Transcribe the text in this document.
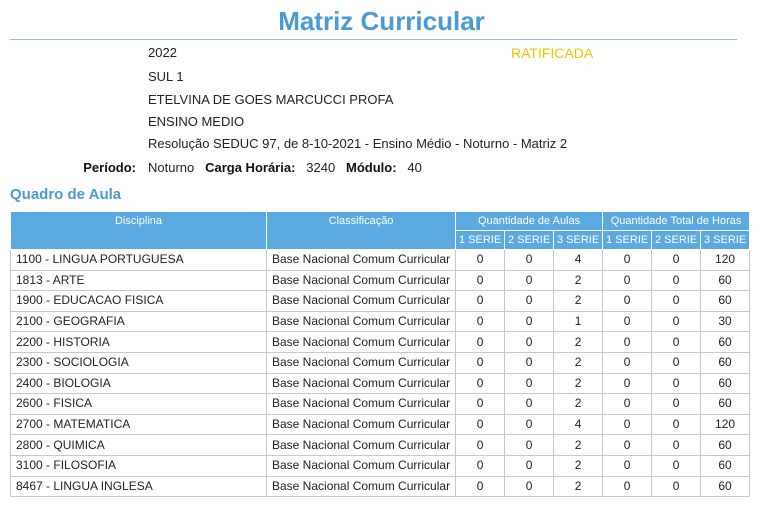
Matriz Curricular
RATIFICADA
2022
SUL 1
ETELVINA DE GOES MARCUCCI PROFA
ENSINO MEDIO
Resolução SEDUC 97, de 8-10-2021 - Ensino Médio - Noturno - Matriz 2
Período: Noturno Carga Horária: 3240 Módulo: 40
Quadro de Aula
Disciplina	Classificação	Quantidade de Aulas			Quantidade Total de Horas		
		1 SERIE	2 SERIE	3 SERIE	1 SERIE	2 SERIE	3 SERIE
1100 - LINGUA PORTUGUESA	Base Nacional Comum Curricular	0	0	4	0	0	120
1813 - ARTE	Base Nacional Comum Curricular	0	0	2	0	0	60
1900 - EDUCACAO FISICA	Base Nacional Comum Curricular	0	0	2	0	0	60
2100 - GEOGRAFIA	Base Nacional Comum Curricular	0	0	1	0	0	30
2200 - HISTORIA	Base Nacional Comum Curricular	0	0	2	0	0	60
2300 - SOCIOLOGIA	Base Nacional Comum Curricular	0	0	2	0	0	60
2400 - BIOLOGIA	Base Nacional Comum Curricular	0	0	2	0	0	60
2600 - FISICA	Base Nacional Comum Curricular	0	0	2	0	0	60
2700 - MATEMATICA	Base Nacional Comum Curricular	0	0	4	0	0	120
2800 - QUIMICA	Base Nacional Comum Curricular	0	0	2	0	0	60
3100 - FILOSOFIA	Base Nacional Comum Curricular	0	0	2	0	0	60
8467 - LINGUA INGLESA	Base Nacional Comum Curricular	0	0	2	0	0	60
